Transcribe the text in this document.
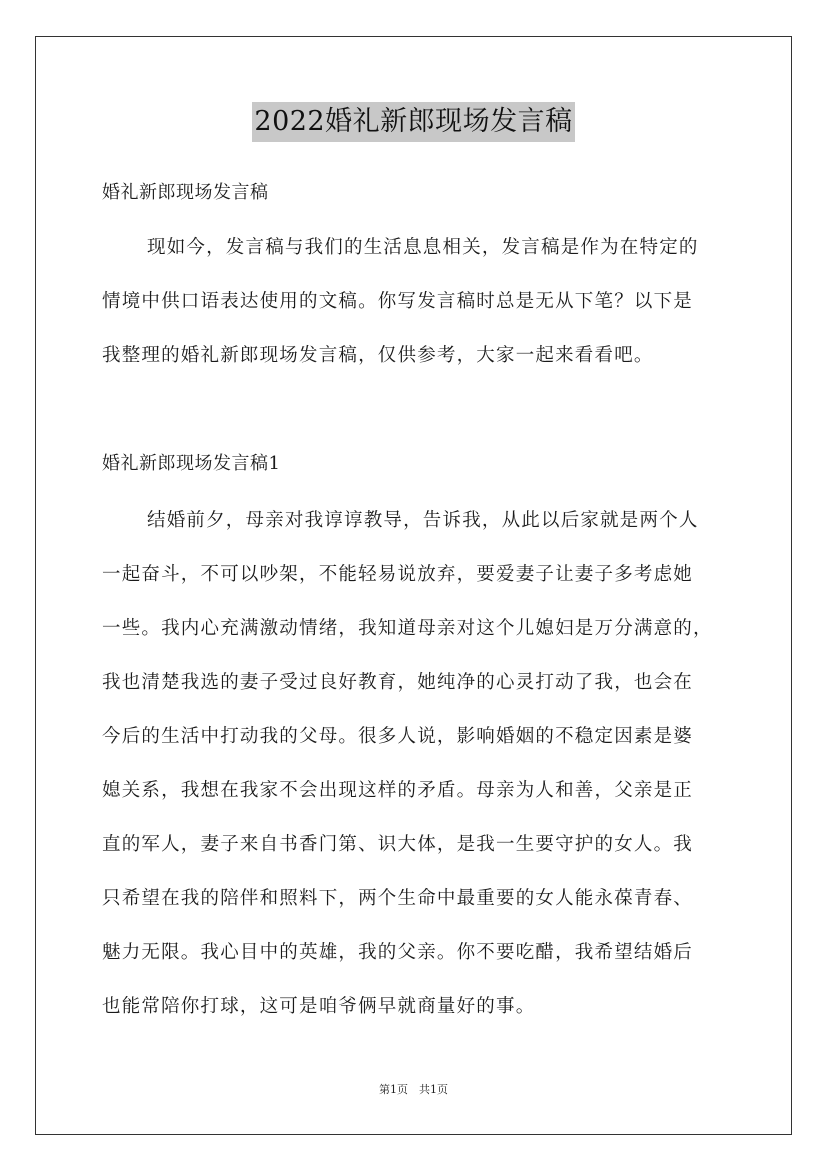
2022婚礼新郎现场发言稿
婚礼新郎现场发言稿
现如今，发言稿与我们的生活息息相关，发言稿是作为在特定的
情境中供口语表达使用的文稿。你写发言稿时总是无从下笔？以下是
我整理的婚礼新郎现场发言稿，仅供参考，大家一起来看看吧。
婚礼新郎现场发言稿1
结婚前夕，母亲对我谆谆教导，告诉我，从此以后家就是两个人
一起奋斗，不可以吵架，不能轻易说放弃，要爱妻子让妻子多考虑她
一些。我内心充满激动情绪，我知道母亲对这个儿媳妇是万分满意的，
我也清楚我选的妻子受过良好教育，她纯净的心灵打动了我，也会在
今后的生活中打动我的父母。很多人说，影响婚姻的不稳定因素是婆
媳关系，我想在我家不会出现这样的矛盾。母亲为人和善，父亲是正
直的军人，妻子来自书香门第、识大体，是我一生要守护的女人。我
只希望在我的陪伴和照料下，两个生命中最重要的女人能永葆青春、
魅力无限。我心目中的英雄，我的父亲。你不要吃醋，我希望结婚后
也能常陪你打球，这可是咱爷俩早就商量好的事。
第1页　共1页
